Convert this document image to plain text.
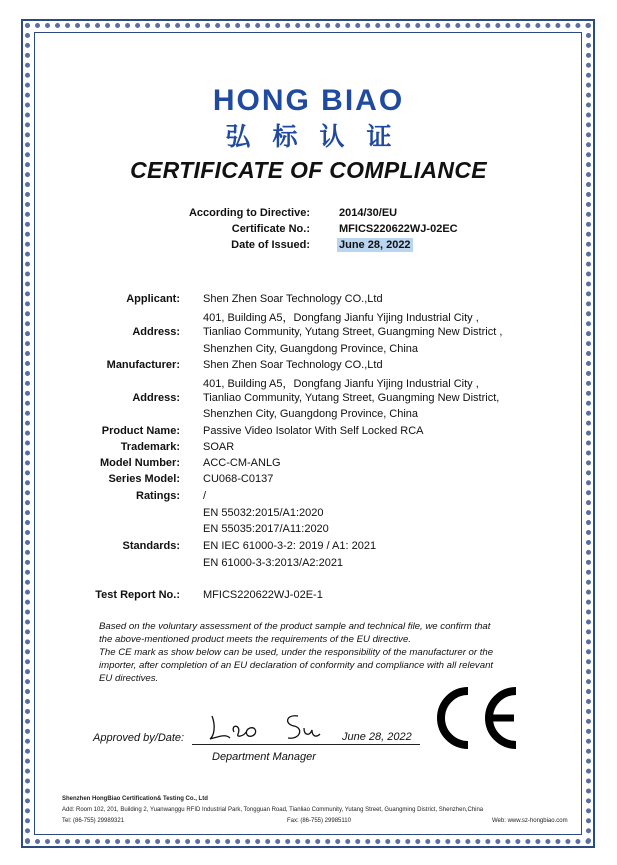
HONG BIAO
弘标认证
CERTIFICATE OF COMPLIANCE
According to Directive:	2014/30/EU
Certificate No.:	MFICS220622WJ-02EC
Date of Issued:	June 28, 2022
Applicant: Shen Zhen Soar Technology CO.,Ltd
401, Building A5，Dongfang Jianfu Yijing Industrial City ,
Address: Tianliao Community, Yutang Street, Guangming New District ,
Shenzhen City, Guangdong Province, China
Manufacturer: Shen Zhen Soar Technology CO.,Ltd
401, Building A5，Dongfang Jianfu Yijing Industrial City ,
Address: Tianliao Community, Yutang Street, Guangming New District,
Shenzhen City, Guangdong Province, China
Product Name: Passive Video Isolator With Self Locked RCA
Trademark: SOAR
Model Number: ACC-CM-ANLG
Series Model: CU068-C0137
Ratings: /
EN 55032:2015/A1:2020
EN 55035:2017/A11:2020
Standards: EN IEC 61000-3-2: 2019 / A1: 2021
EN 61000-3-3:2013/A2:2021
Test Report No.: MFICS220622WJ-02E-1
Based on the voluntary assessment of the product sample and technical file, we confirm that
the above-mentioned product meets the requirements of the EU directive.
The CE mark as show below can be used, under the responsibility of the manufacturer or the
importer, after completion of an EU declaration of conformity and compliance with all relevant
EU directives.
Approved by/Date:	June 28, 2022
Department Manager
Shenzhen HongBiao Certification& Testing Co., Ltd
Add: Room 102, 201, Building 2, Yuanwanggu RFID Industrial Park, Tongguan Road, Tianliao Community, Yutang Street, Guangming District, Shenzhen,China
Tel: (86-755) 29989321	Fax: (86-755) 29985110	Web: www.sz-hongbiao.com
